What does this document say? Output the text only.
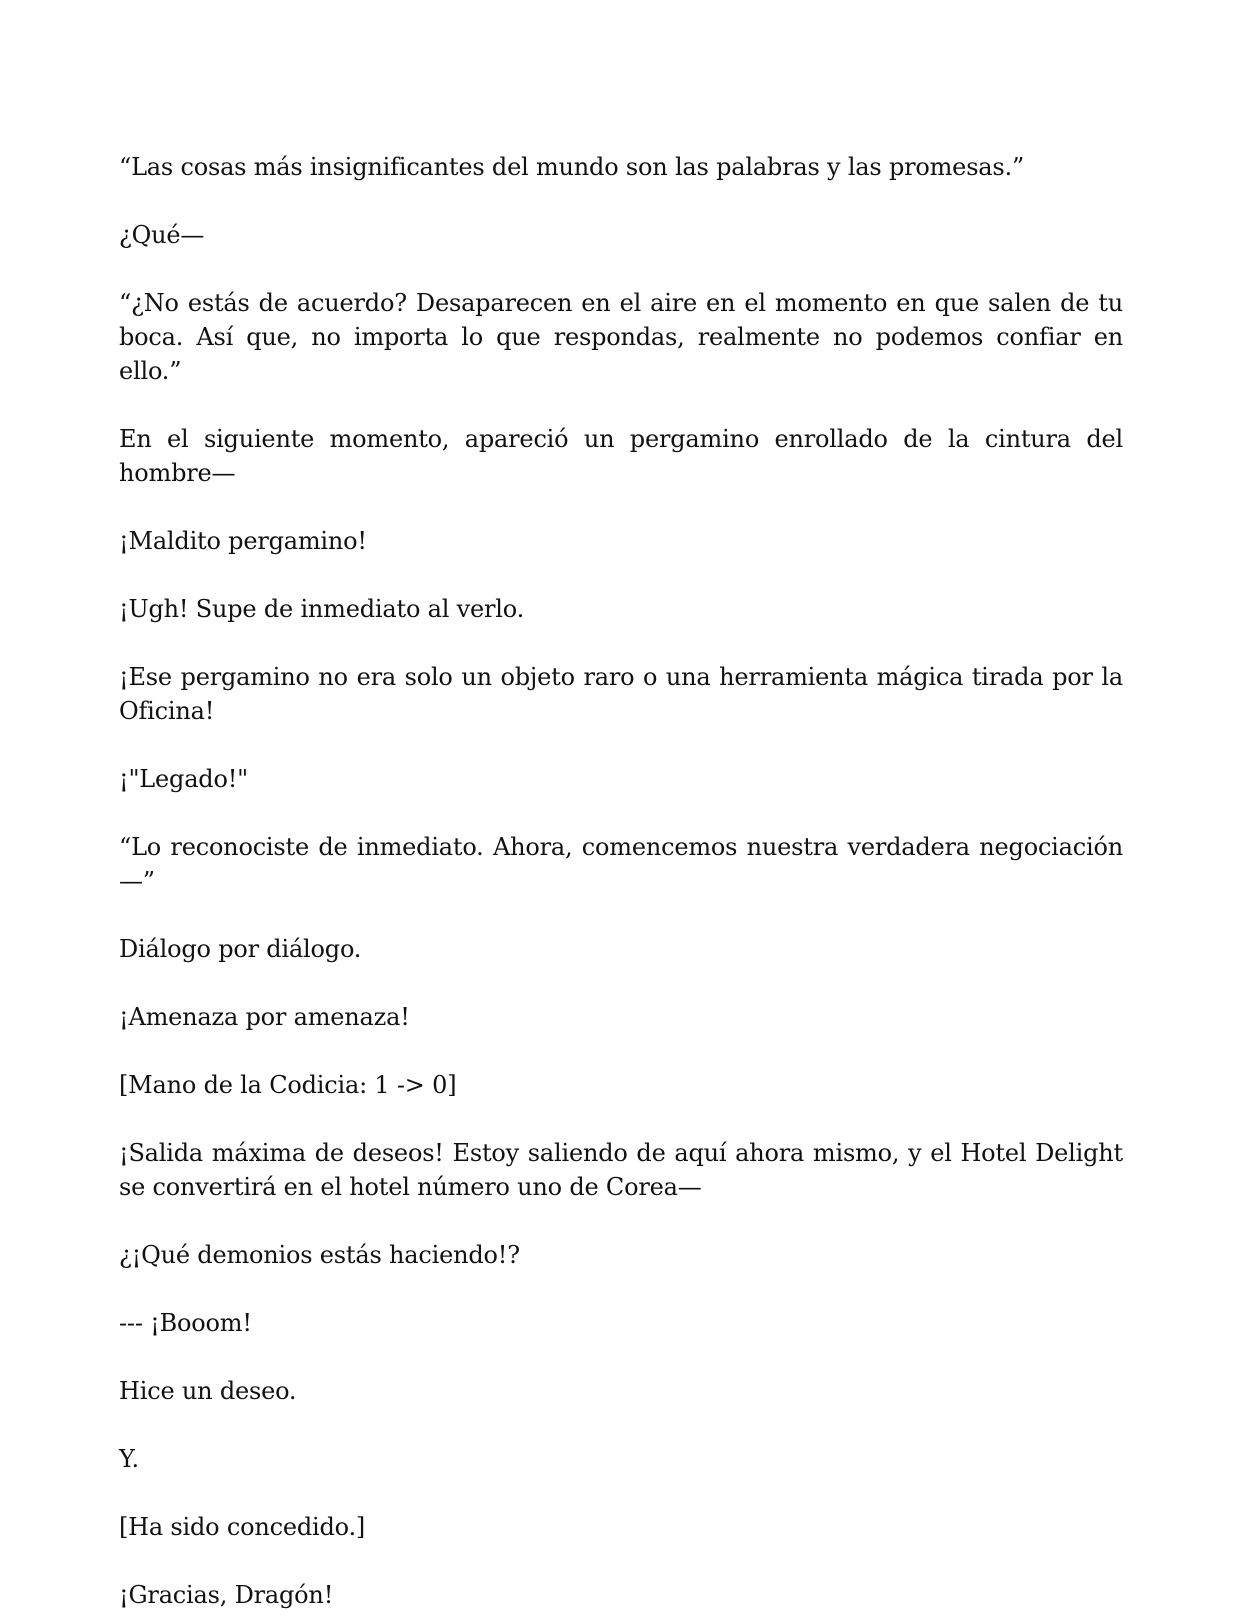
“Las cosas más insignificantes del mundo son las palabras y las promesas.”

¿Qué—

“¿No estás de acuerdo? Desaparecen en el aire en el momento en que salen de tu boca. Así que, no importa lo que respondas, realmente no podemos confiar en ello.”

En el siguiente momento, apareció un pergamino enrollado de la cintura del hombre—

¡Maldito pergamino!

¡Ugh! Supe de inmediato al verlo.

¡Ese pergamino no era solo un objeto raro o una herramienta mágica tirada por la Oficina!

¡"Legado!"

“Lo reconociste de inmediato. Ahora, comencemos nuestra verdadera negociación—”

Diálogo por diálogo.

¡Amenaza por amenaza!

[Mano de la Codicia: 1 -> 0]

¡Salida máxima de deseos! Estoy saliendo de aquí ahora mismo, y el Hotel Delight se convertirá en el hotel número uno de Corea—

¿¡Qué demonios estás haciendo!?

--- ¡Booom!

Hice un deseo.

Y.

[Ha sido concedido.]

¡Gracias, Dragón!
